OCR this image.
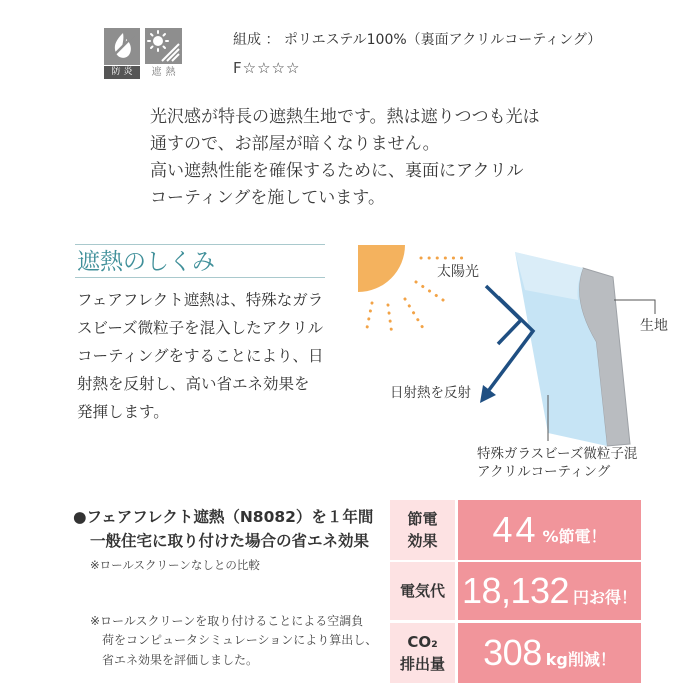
防炎	遮熱
組成 ： ポリエステル100%（裏面アクリルコーティング）
F☆☆☆☆
光沢感が特長の遮熱生地です。熱は遮りつつも光は
通すので、お部屋が暗くなりません。
高い遮熱性能を確保するために、裏面にアクリル
コーティングを施しています。
遮熱のしくみ
フェアフレクト遮熱は、特殊なガラ
スビーズ微粒子を混入したアクリル
コーティングをすることにより、日
射熱を反射し、高い省エネ効果を
発揮します。
太陽光
日射熱を反射
生地
特殊ガラスビーズ微粒子混
アクリルコーティング
●フェアフレクト遮熱（N8082）を１年間
一般住宅に取り付けた場合の省エネ効果
※ロールスクリーンなしとの比較
※ロールスクリーンを取り付けることによる空調負
荷をコンピュータシミュレーションにより算出し、
省エネ効果を評価しました。
節電
効果 44 %節電！
電気代 18,132 円お得！
CO₂
排出量 308 kg削減！
